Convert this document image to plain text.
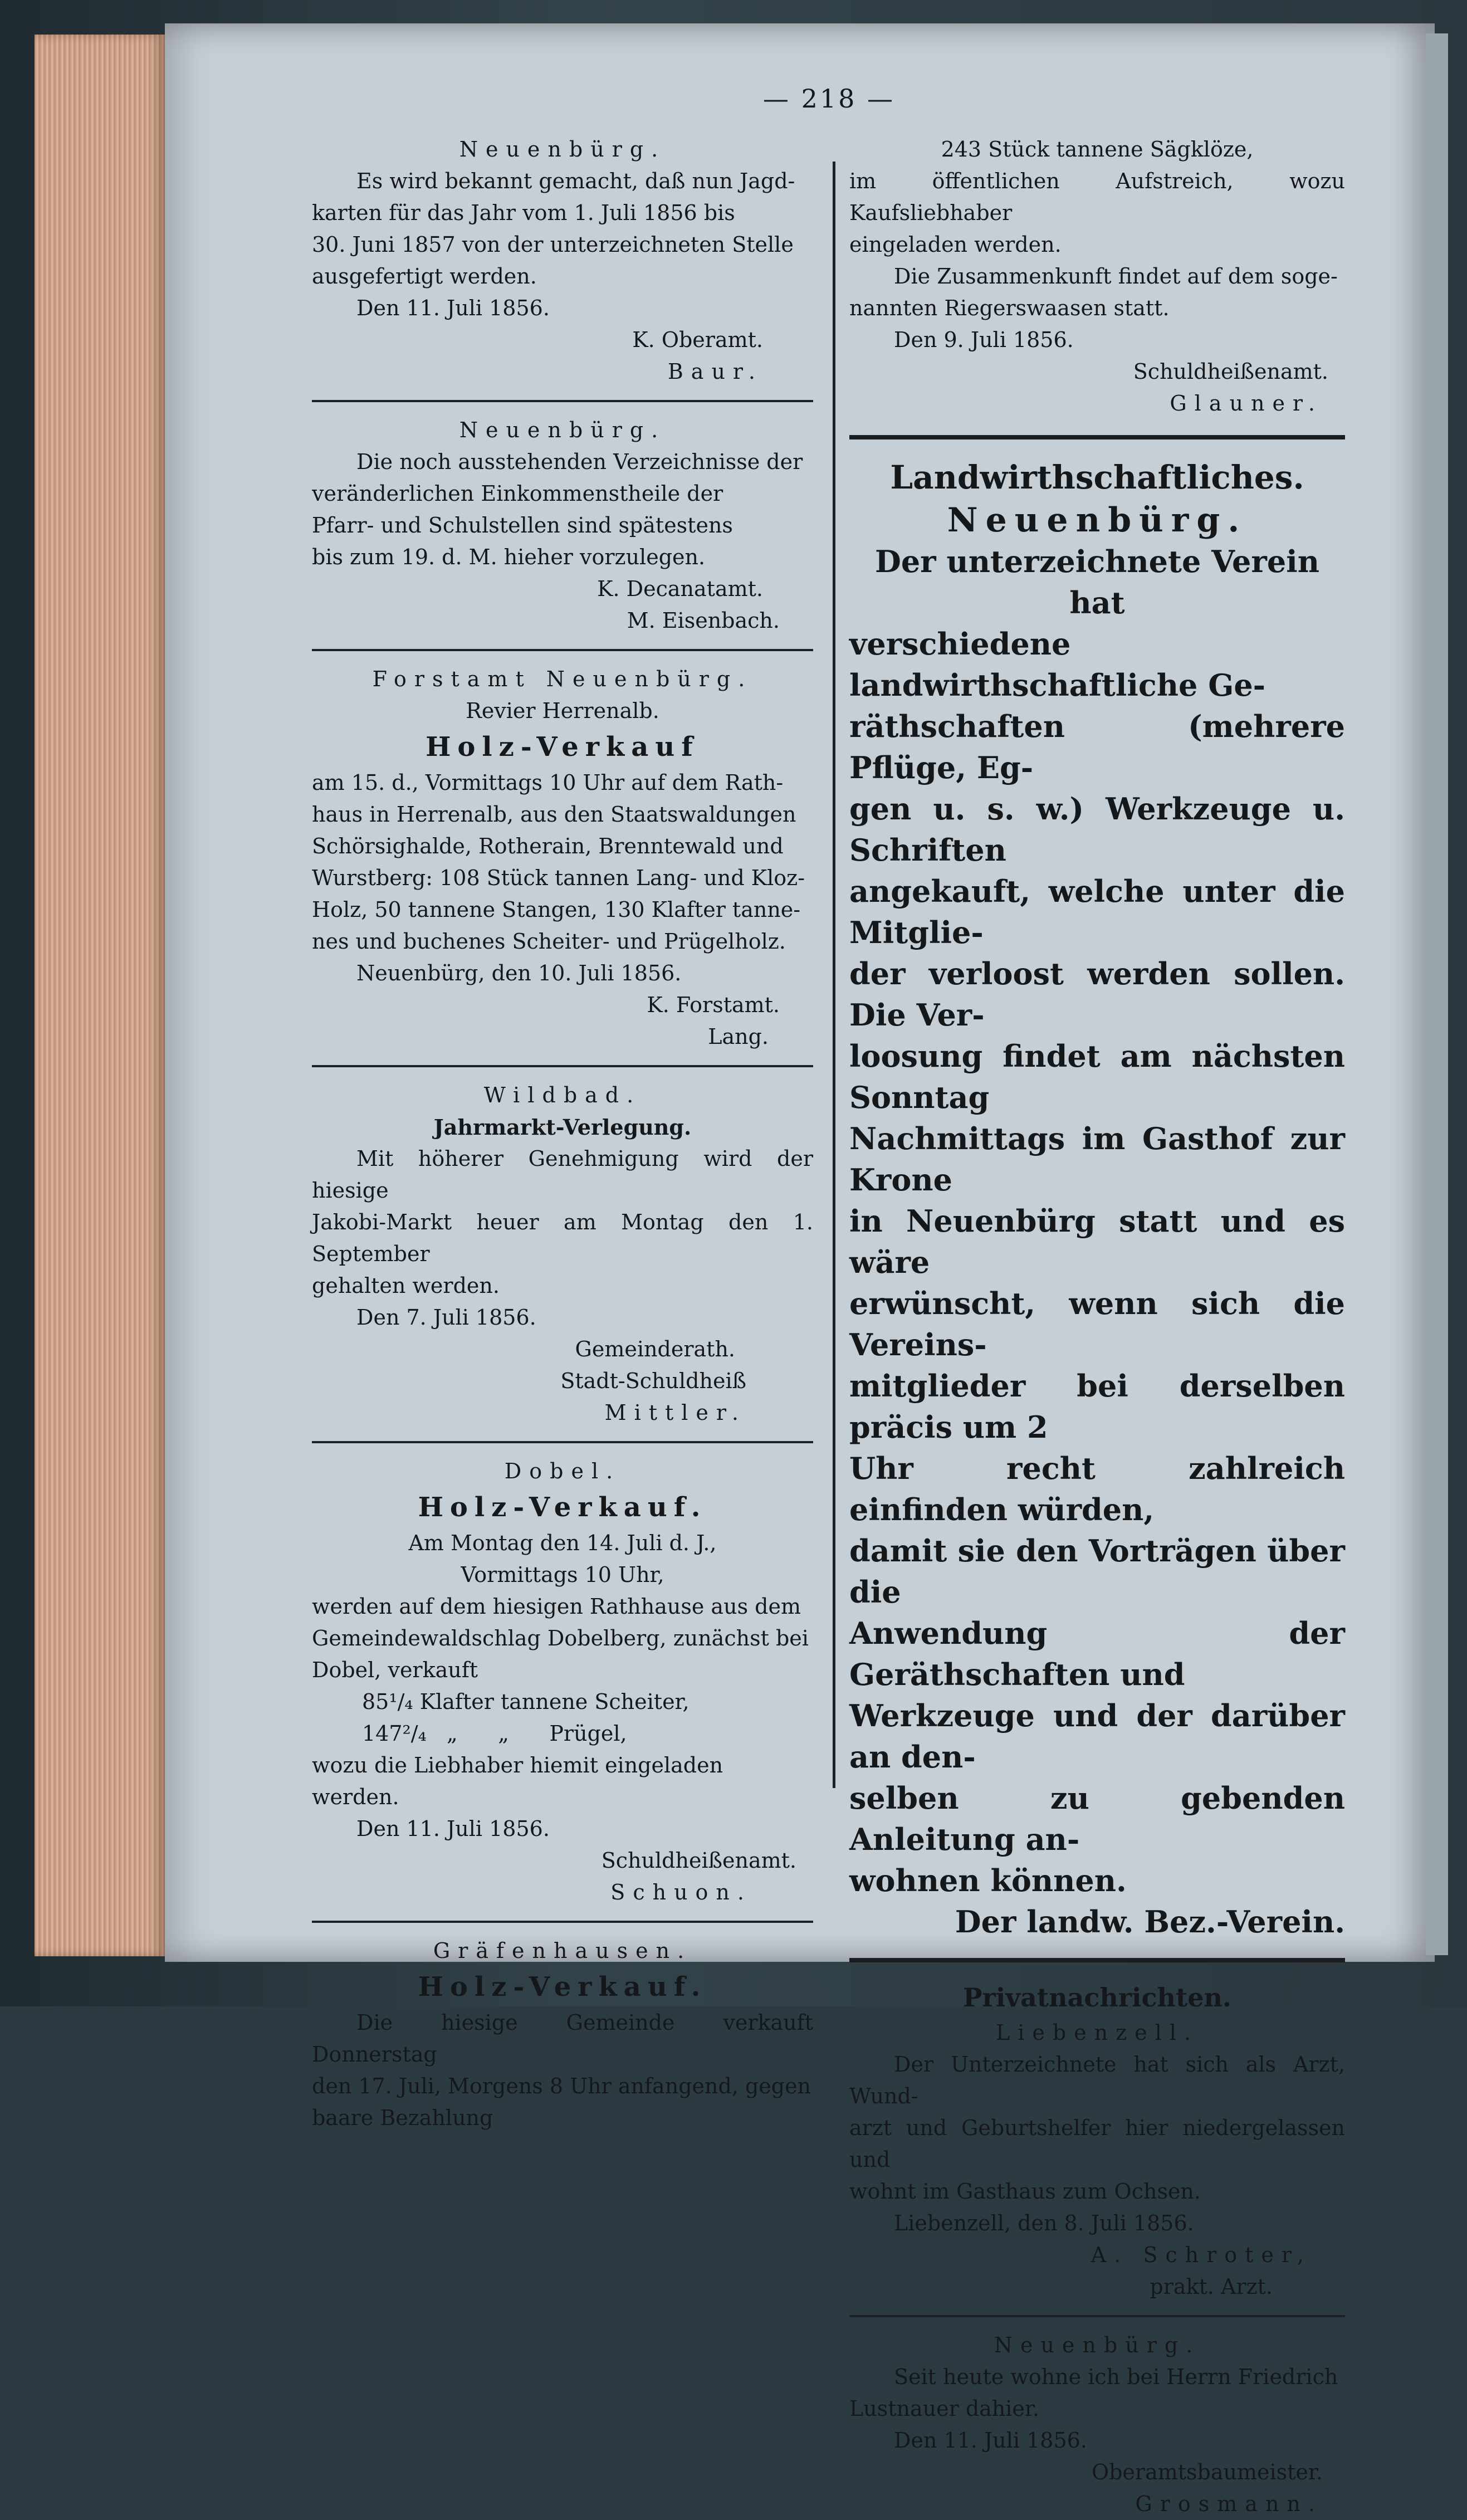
— 218 —

Neuenbürg.

Es wird bekannt gemacht, daß nun Jagd-

karten für das Jahr vom 1. Juli 1856 bis

30. Juni 1857 von der unterzeichneten Stelle

ausgefertigt werden.

Den 11. Juli 1856.

K. Oberamt.

Baur.

Neuenbürg.

Die noch ausstehenden Verzeichnisse der

veränderlichen Einkommenstheile der

Pfarr- und Schulstellen sind spätestens

bis zum 19. d. M. hieher vorzulegen.

K. Decanatamt.

M. Eisenbach.

Forstamt Neuenbürg.

Revier Herrenalb.

Holz-Verkauf

am 15. d., Vormittags 10 Uhr auf dem Rath-

haus in Herrenalb, aus den Staatswaldungen

Schörsighalde, Rotherain, Brenntewald und

Wurstberg: 108 Stück tannen Lang- und Kloz-

Holz, 50 tannene Stangen, 130 Klafter tanne-

nes und buchenes Scheiter- und Prügelholz.

Neuenbürg, den 10. Juli 1856.

K. Forstamt.

Lang.

Wildbad.

Jahrmarkt-Verlegung.

Mit höherer Genehmigung wird der hiesige

Jakobi-Markt heuer am Montag den 1. September

gehalten werden.

Den 7. Juli 1856.

Gemeinderath.

Stadt-Schuldheiß

Mittler.

Dobel.

Holz-Verkauf.

Am Montag den 14. Juli d. J.,

Vormittags 10 Uhr,

werden auf dem hiesigen Rathhause aus dem

Gemeindewaldschlag Dobelberg, zunächst bei

Dobel, verkauft

85¹/₄ Klafter tannene Scheiter,

147²/₄   „      „      Prügel,

wozu die Liebhaber hiemit eingeladen werden.

Den 11. Juli 1856.

Schuldheißenamt.

Schuon.

Gräfenhausen.

Holz-Verkauf.

Die hiesige Gemeinde verkauft Donnerstag

den 17. Juli, Morgens 8 Uhr anfangend, gegen

baare Bezahlung

243 Stück tannene Sägklöze,

im öffentlichen Aufstreich, wozu Kaufsliebhaber

eingeladen werden.

Die Zusammenkunft findet auf dem soge-

nannten Riegerswaasen statt.

Den 9. Juli 1856.

Schuldheißenamt.

Glauner.

Landwirthschaftliches.

Neuenbürg.

Der unterzeichnete Verein hat

verschiedene landwirthschaftliche Ge-

räthschaften (mehrere Pflüge, Eg-

gen u. s. w.) Werkzeuge u. Schriften

angekauft, welche unter die Mitglie-

der verloost werden sollen. Die Ver-

loosung findet am nächsten Sonntag

Nachmittags im Gasthof zur Krone

in Neuenbürg statt und es wäre

erwünscht, wenn sich die Vereins-

mitglieder bei derselben präcis um 2

Uhr recht zahlreich einfinden würden,

damit sie den Vorträgen über die

Anwendung der Geräthschaften und

Werkzeuge und der darüber an den-

selben zu gebenden Anleitung an-

wohnen können.

Der landw. Bez.-Verein.

Privatnachrichten.

Liebenzell.

Der Unterzeichnete hat sich als Arzt, Wund-

arzt und Geburtshelfer hier niedergelassen und

wohnt im Gasthaus zum Ochsen.

Liebenzell, den 8. Juli 1856.

A. Schroter,

prakt. Arzt.

Neuenbürg.

Seit heute wohne ich bei Herrn Friedrich

Lustnauer dahier.

Den 11. Juli 1856.

Oberamtsbaumeister.

Grosmann.
